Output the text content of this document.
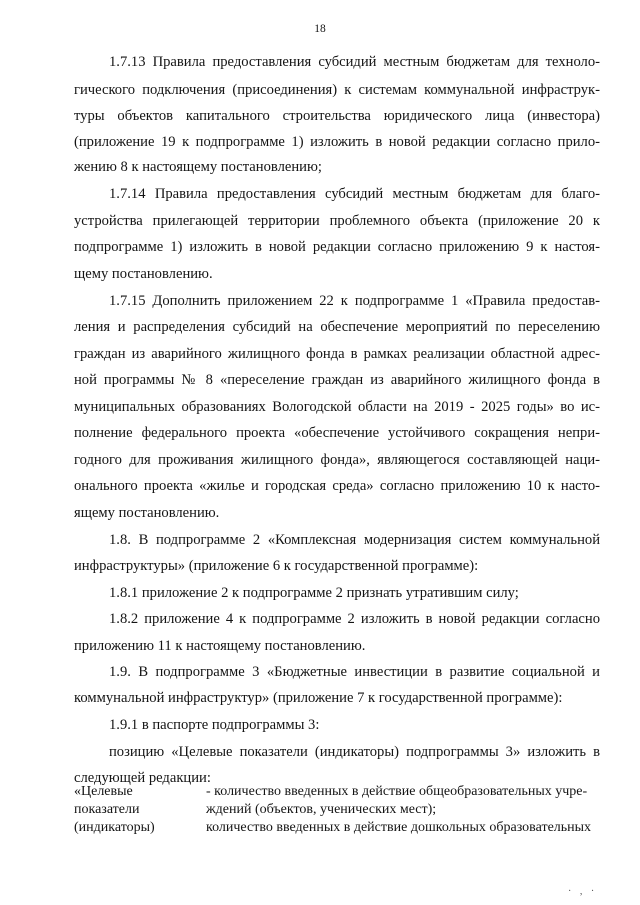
18
1.7.13 Правила предоставления субсидий местным бюджетам для техноло-
гического подключения (присоединения) к системам коммунальной инфраструк-
туры объектов капитального строительства юридического лица (инвестора)
(приложение 19 к подпрограмме 1) изложить в новой редакции согласно прило-
жению 8 к настоящему постановлению;
1.7.14 Правила предоставления субсидий местным бюджетам для благо-
устройства прилегающей территории проблемного объекта (приложение 20 к
подпрограмме 1) изложить в новой редакции согласно приложению 9 к настоя-
щему постановлению.
1.7.15 Дополнить приложением 22 к подпрограмме 1 «Правила предостав-
ления и распределения субсидий на обеспечение мероприятий по переселению
граждан из аварийного жилищного фонда в рамках реализации областной адрес-
ной программы № 8 «переселение граждан из аварийного жилищного фонда в
муниципальных образованиях Вологодской области на 2019 - 2025 годы» во ис-
полнение федерального проекта «обеспечение устойчивого сокращения непри-
годного для проживания жилищного фонда», являющегося составляющей наци-
онального проекта «жилье и городская среда» согласно приложению 10 к насто-
ящему постановлению.
1.8. В подпрограмме 2 «Комплексная модернизация систем коммунальной
инфраструктуры» (приложение 6 к государственной программе):
1.8.1 приложение 2 к подпрограмме 2 признать утратившим силу;
1.8.2 приложение 4 к подпрограмме 2 изложить в новой редакции согласно
приложению 11 к настоящему постановлению.
1.9. В подпрограмме 3 «Бюджетные инвестиции в развитие социальной и
коммунальной инфраструктур» (приложение 7 к государственной программе):
1.9.1 в паспорте подпрограммы 3:
позицию «Целевые показатели (индикаторы) подпрограммы 3» изложить в
следующей редакции:
«Целевые	- количество введенных в действие общеобразовательных учре-
показатели	ждений (объектов, ученических мест);
(индикаторы)	количество введенных в действие дошкольных образовательных
· , ·
